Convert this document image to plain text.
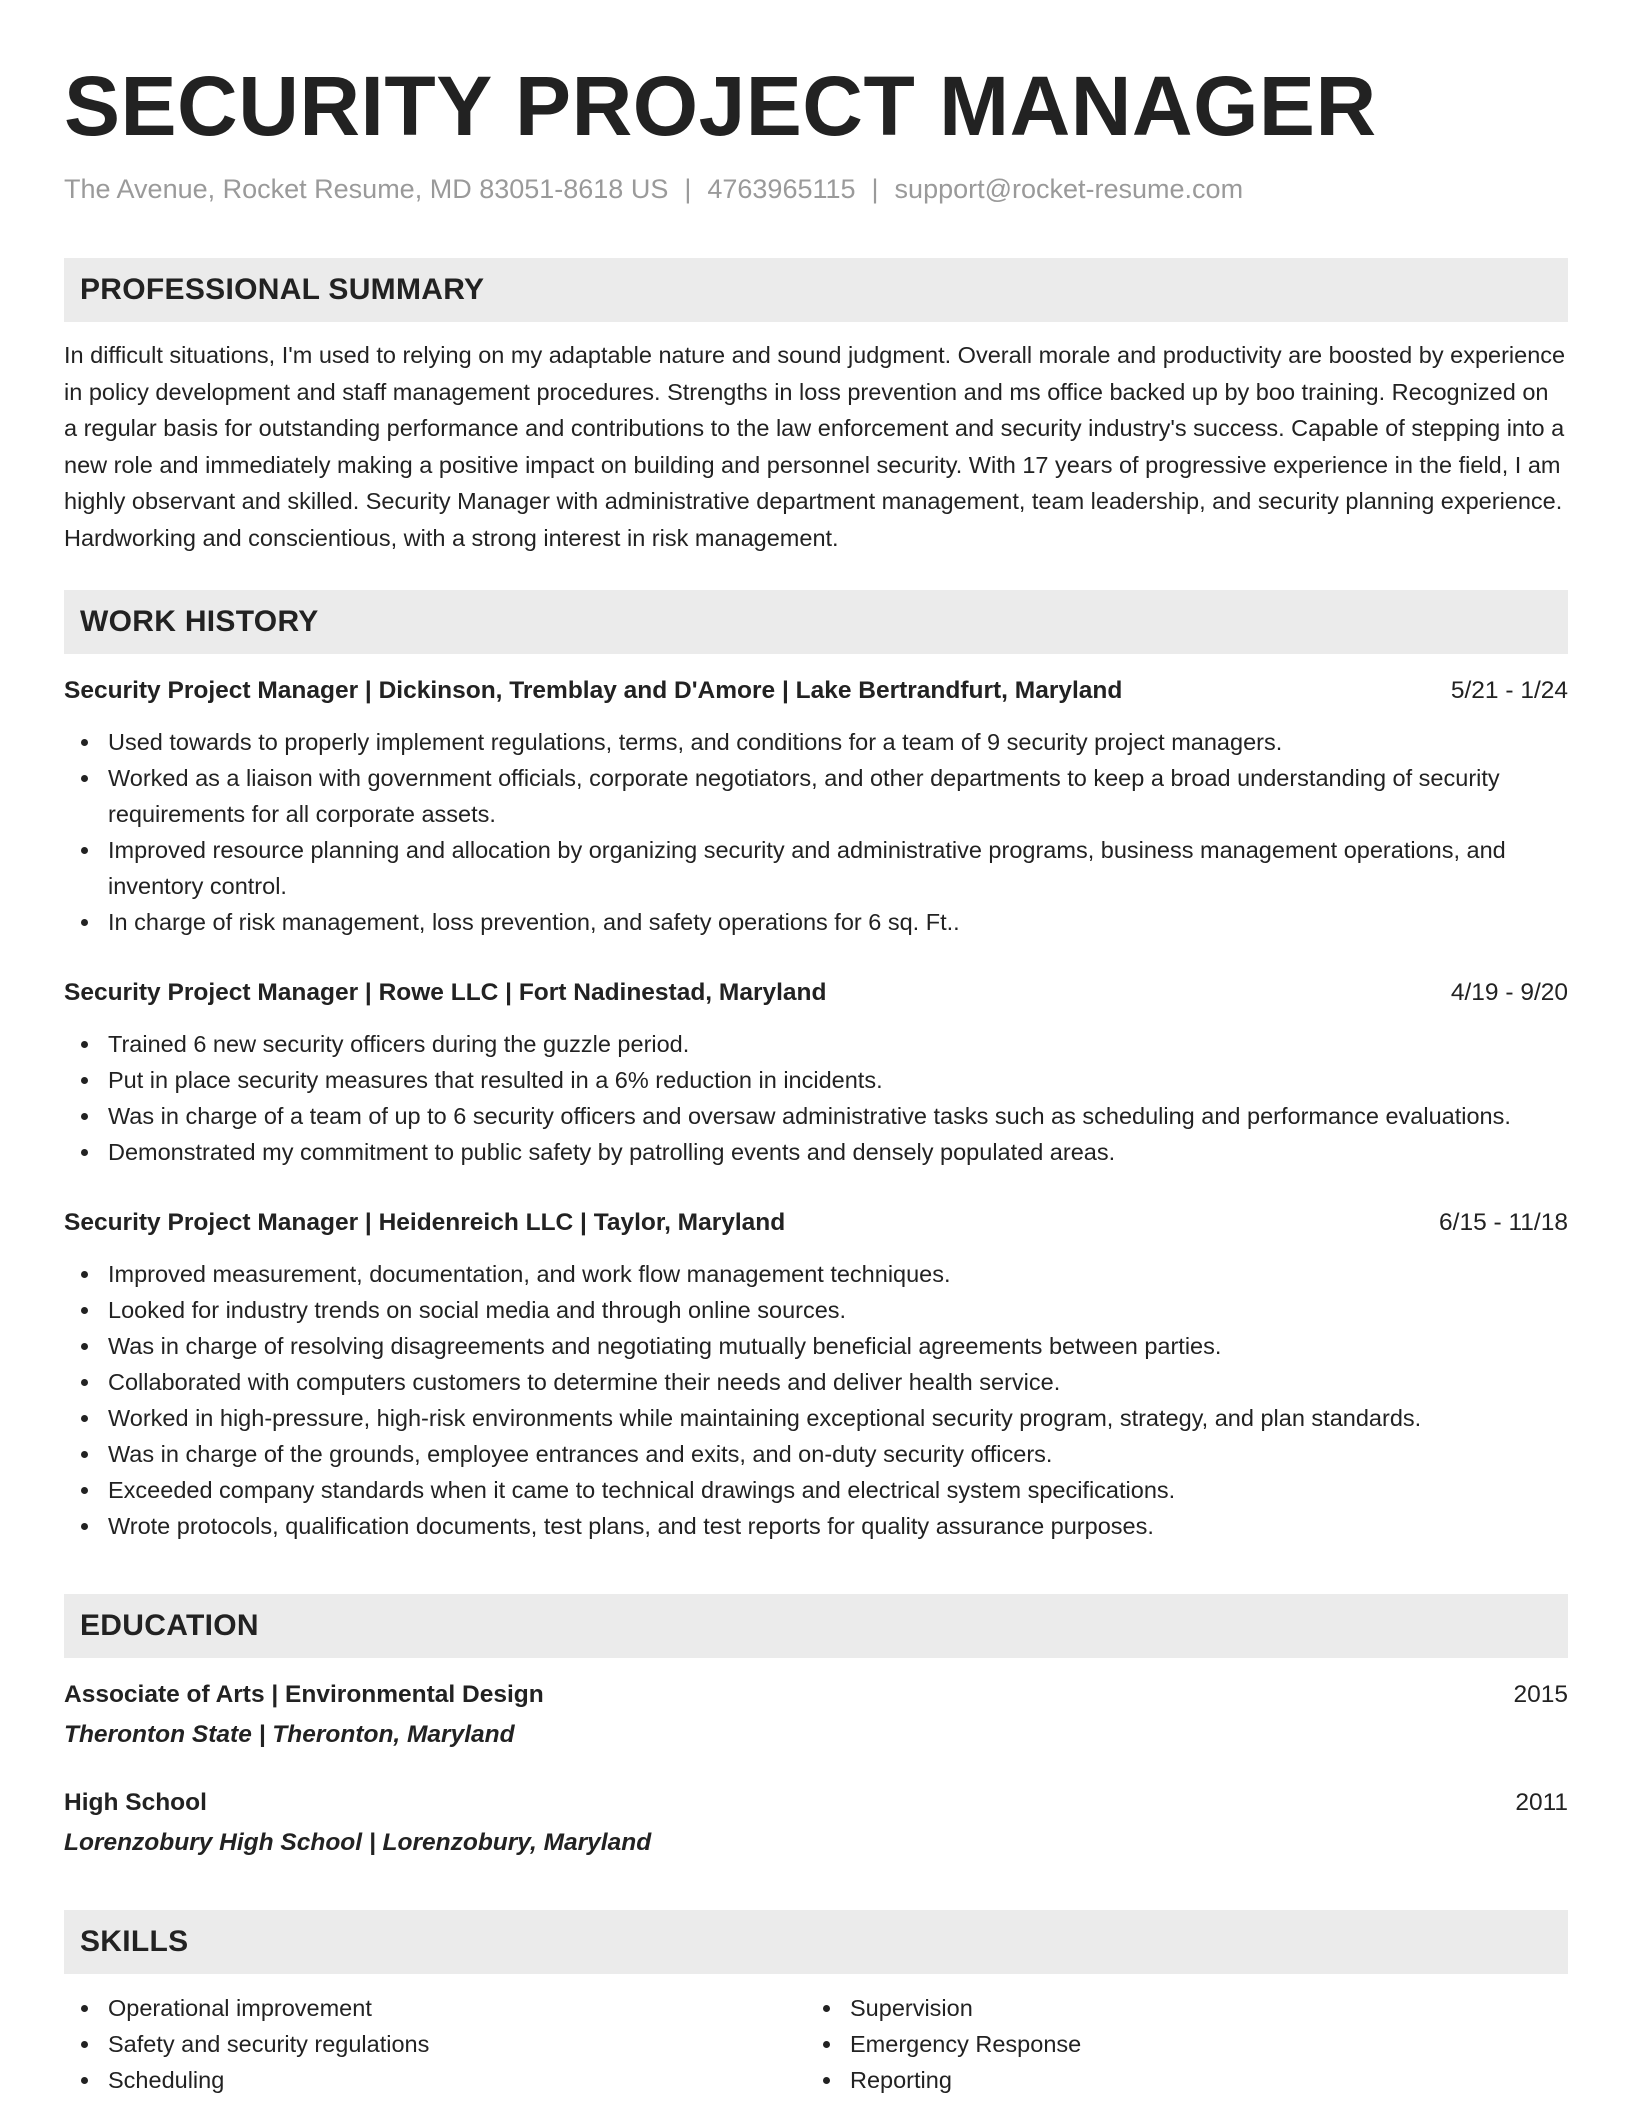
SECURITY PROJECT MANAGER
The Avenue, Rocket Resume, MD 83051-8618 US | 4763965115 | support@rocket-resume.com
PROFESSIONAL SUMMARY

In difficult situations, I'm used to relying on my adaptable nature and sound judgment. Overall morale and productivity are boosted by experience in policy development and staff management procedures. Strengths in loss prevention and ms office backed up by boo training. Recognized on a regular basis for outstanding performance and contributions to the law enforcement and security industry's success. Capable of stepping into a new role and immediately making a positive impact on building and personnel security. With 17 years of progressive experience in the field, I am highly observant and skilled. Security Manager with administrative department management, team leadership, and security planning experience. Hardworking and conscientious, with a strong interest in risk management.

WORK HISTORY
Security Project Manager | Dickinson, Tremblay and D'Amore | Lake Bertrandfurt, Maryland	5/21 - 1/24
Used towards to properly implement regulations, terms, and conditions for a team of 9 security project managers.
Worked as a liaison with government officials, corporate negotiators, and other departments to keep a broad understanding of security requirements for all corporate assets.
Improved resource planning and allocation by organizing security and administrative programs, business management operations, and inventory control.
In charge of risk management, loss prevention, and safety operations for 6 sq. Ft..
Security Project Manager | Rowe LLC | Fort Nadinestad, Maryland	4/19 - 9/20
Trained 6 new security officers during the guzzle period.
Put in place security measures that resulted in a 6% reduction in incidents.
Was in charge of a team of up to 6 security officers and oversaw administrative tasks such as scheduling and performance evaluations.
Demonstrated my commitment to public safety by patrolling events and densely populated areas.
Security Project Manager | Heidenreich LLC | Taylor, Maryland	6/15 - 11/18
Improved measurement, documentation, and work flow management techniques.
Looked for industry trends on social media and through online sources.
Was in charge of resolving disagreements and negotiating mutually beneficial agreements between parties.
Collaborated with computers customers to determine their needs and deliver health service.
Worked in high-pressure, high-risk environments while maintaining exceptional security program, strategy, and plan standards.
Was in charge of the grounds, employee entrances and exits, and on-duty security officers.
Exceeded company standards when it came to technical drawings and electrical system specifications.
Wrote protocols, qualification documents, test plans, and test reports for quality assurance purposes.
EDUCATION
Associate of Arts | Environmental Design	2015
Theronton State | Theronton, Maryland
High School	2011
Lorenzobury High School | Lorenzobury, Maryland
SKILLS
Operational improvement
Safety and security regulations
Scheduling
Supervision
Emergency Response
Reporting
